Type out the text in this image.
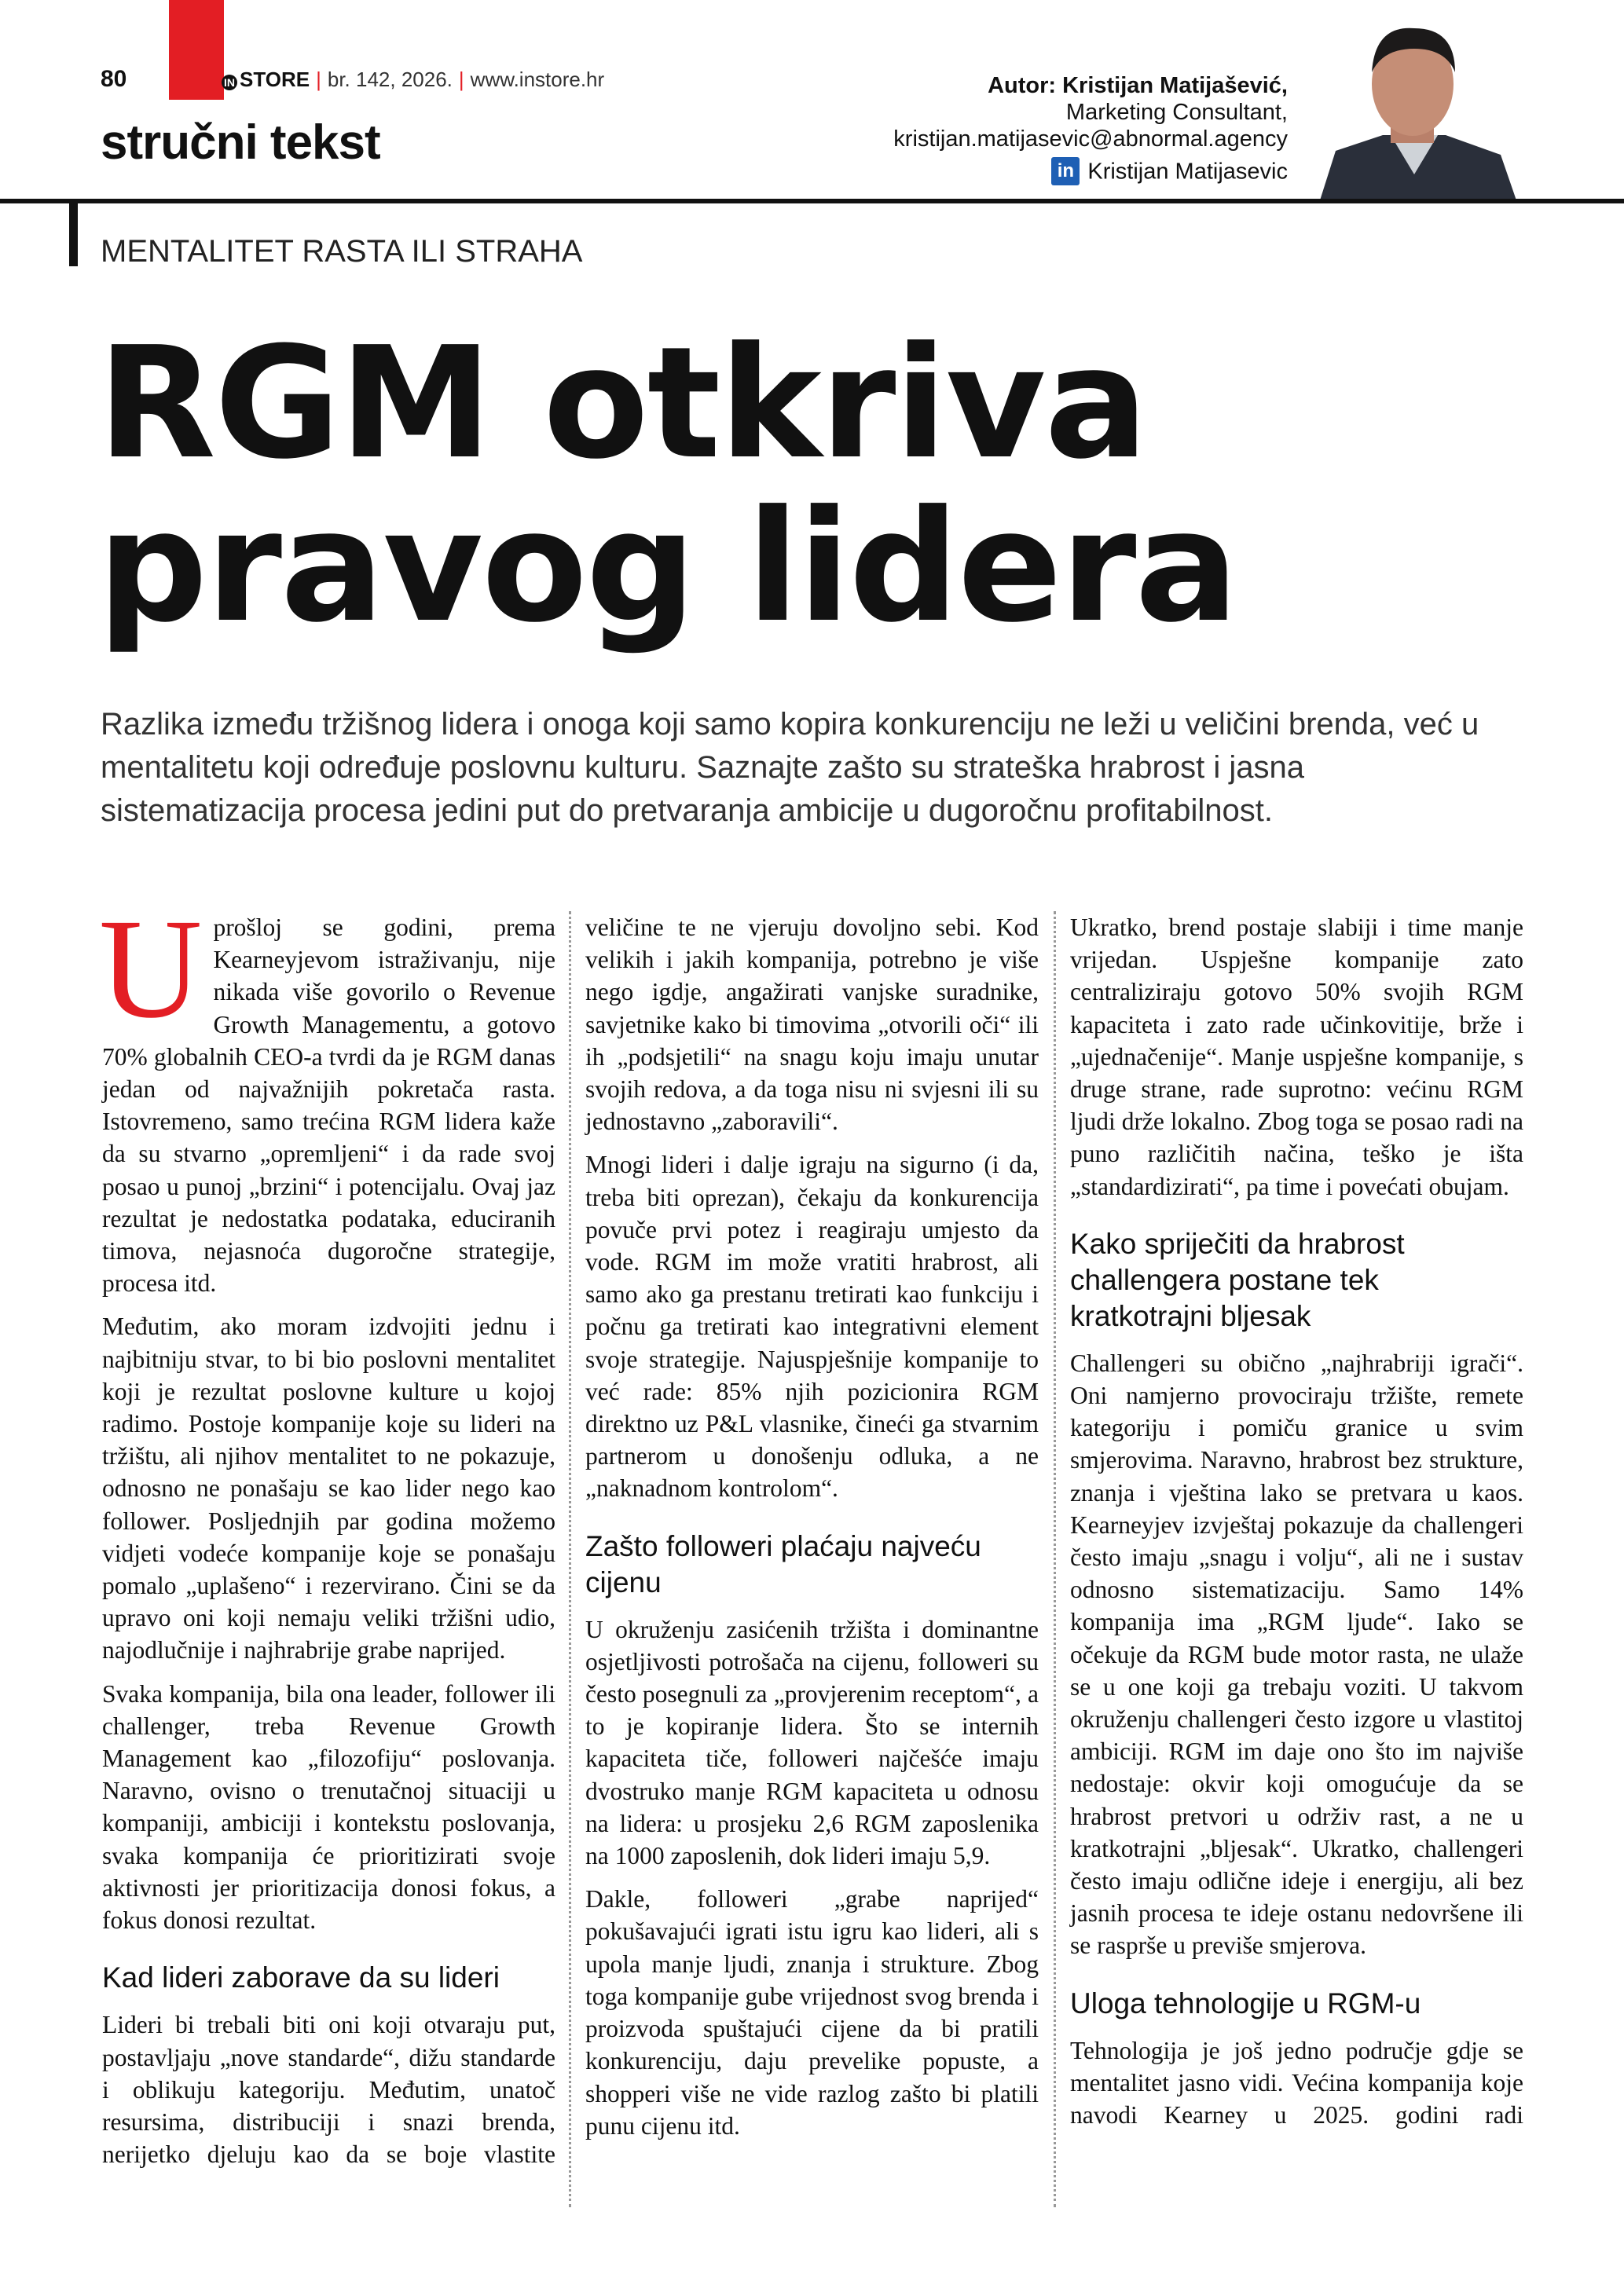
80	IN STORE | br. 142, 2026. | www.instore.hr
stručni tekst
Autor: Kristijan Matijašević,
Marketing Consultant,
kristijan.matijasevic@abnormal.agency
in Kristijan Matijasevic
MENTALITET RASTA ILI STRAHA
RGM otkriva
pravog lidera
Razlika između tržišnog lidera i onoga koji samo kopira konkurenciju ne leži u veličini brenda, već u mentalitetu koji određuje poslovnu kulturu. Saznajte zašto su strateška hrabrost i jasna sistematizacija procesa jedini put do pretvaranja ambicije u dugoročnu profitabilnost.

Uprošloj se godini, prema Kearneyjevom istraživanju, nije nikada više govorilo o Revenue Growth Managementu, a gotovo 70% globalnih CEO-a tvrdi da je RGM danas jedan od najvažnijih pokretača rasta. Istovremeno, samo trećina RGM lidera kaže da su stvarno „opremljeni“ i da rade svoj posao u punoj „brzini“ i potencijalu. Ovaj jaz rezultat je nedostatka podataka, educiranih timova, nejasnoća dugoročne strategije, procesa itd.

Međutim, ako moram izdvojiti jednu i najbitniju stvar, to bi bio poslovni mentalitet koji je rezultat poslovne kulture u kojoj radimo. Postoje kompanije koje su lideri na tržištu, ali njihov mentalitet to ne pokazuje, odnosno ne ponašaju se kao lider nego kao follower. Posljednjih par godina možemo vidjeti vodeće kompanije koje se ponašaju pomalo „uplašeno“ i rezervirano. Čini se da upravo oni koji nemaju veliki tržišni udio, najodlučnije i najhrabrije grabe naprijed.

Svaka kompanija, bila ona leader, follower ili challenger, treba Revenue Growth Management kao „filozofiju“ poslovanja. Naravno, ovisno o trenutačnoj situaciji u kompaniji, ambiciji i kontekstu poslovanja, svaka kompanija će prioritizirati svoje aktivnosti jer prioritizacija donosi fokus, a fokus donosi rezultat.

Kad lideri zaborave da su lideri

Lideri bi trebali biti oni koji otvaraju put, postavljaju „nove standarde“, dižu standarde i oblikuju kategoriju. Međutim, unatoč resursima, distribuciji i snazi brenda, nerijetko djeluju kao da se boje vlastite

veličine te ne vjeruju dovoljno sebi. Kod velikih i jakih kompanija, potrebno je više nego igdje, angažirati vanjske suradnike, savjetnike kako bi timovima „otvorili oči“ ili ih „podsjetili“ na snagu koju imaju unutar svojih redova, a da toga nisu ni svjesni ili su jednostavno „zaboravili“.

Mnogi lideri i dalje igraju na sigurno (i da, treba biti oprezan), čekaju da konkurencija povuče prvi potez i reagiraju umjesto da vode. RGM im može vratiti hrabrost, ali samo ako ga prestanu tretirati kao funkciju i počnu ga tretirati kao integrativni element svoje strategije. Najuspješnije kompanije to već rade: 85% njih pozicionira RGM direktno uz P&L vlasnike, čineći ga stvarnim partnerom u donošenju odluka, a ne „naknadnom kontrolom“.

Zašto followeri plaćaju najveću cijenu

U okruženju zasićenih tržišta i dominantne osjetljivosti potrošača na cijenu, followeri su često posegnuli za „provjerenim receptom“, a to je kopiranje lidera. Što se internih kapaciteta tiče, followeri najčešće imaju dvostruko manje RGM kapaciteta u odnosu na lidera: u prosjeku 2,6 RGM zaposlenika na 1000 zaposlenih, dok lideri imaju 5,9.

Dakle, followeri „grabe naprijed“ pokušavajući igrati istu igru kao lideri, ali s upola manje ljudi, znanja i strukture. Zbog toga kompanije gube vrijednost svog brenda i proizvoda spuštajući cijene da bi pratili konkurenciju, daju prevelike popuste, a shopperi više ne vide razlog zašto bi platili punu cijenu itd.

Ukratko, brend postaje slabiji i time manje vrijedan. Uspješne kompanije zato centraliziraju gotovo 50% svojih RGM kapaciteta i zato rade učinkovitije, brže i „ujednačenije“. Manje uspješne kompanije, s druge strane, rade suprotno: većinu RGM ljudi drže lokalno. Zbog toga se posao radi na puno različitih načina, teško je išta „standardizirati“, pa time i povećati obujam.

Kako spriječiti da hrabrost challengera postane tek kratkotrajni bljesak

Challengeri su obično „najhrabriji igrači“. Oni namjerno provociraju tržište, remete kategoriju i pomiču granice u svim smjerovima. Naravno, hrabrost bez strukture, znanja i vještina lako se pretvara u kaos. Kearneyjev izvještaj pokazuje da challengeri često imaju „snagu i volju“, ali ne i sustav odnosno sistematizaciju. Samo 14% kompanija ima „RGM ljude“. Iako se očekuje da RGM bude motor rasta, ne ulaže se u one koji ga trebaju voziti. U takvom okruženju challengeri često izgore u vlastitoj ambiciji. RGM im daje ono što im najviše nedostaje: okvir koji omogućuje da se hrabrost pretvori u održiv rast, a ne u kratkotrajni „bljesak“. Ukratko, challengeri često imaju odlične ideje i energiju, ali bez jasnih procesa te ideje ostanu nedovršene ili se rasprše u previše smjerova.

Uloga tehnologije u RGM-u

Tehnologija je još jedno područje gdje se mentalitet jasno vidi. Većina kompanija koje navodi Kearney u 2025. godini radi
